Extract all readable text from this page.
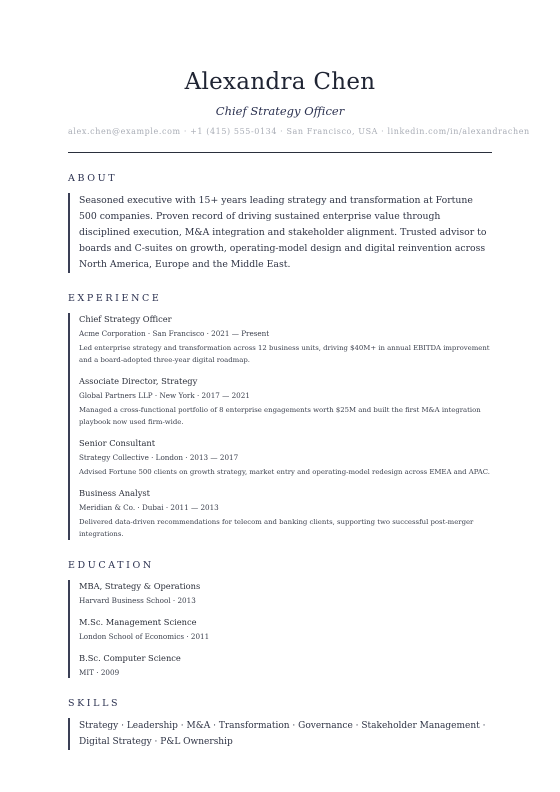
Alexandra Chen
Chief Strategy Officer
alex.chen@example.com · +1 (415) 555-0134 · San Francisco, USA · linkedin.com/in/alexandrachen
ABOUT
Seasoned executive with 15+ years leading strategy and transformation at Fortune 500 companies. Proven record of driving sustained enterprise value through disciplined execution, M&A integration and stakeholder alignment. Trusted advisor to boards and C-suites on growth, operating-model design and digital reinvention across North America, Europe and the Middle East.
EXPERIENCE
Chief Strategy Officer
Acme Corporation · San Francisco · 2021 — Present
Led enterprise strategy and transformation across 12 business units, driving $40M+ in annual EBITDA improvement and a board-adopted three-year digital roadmap.
Associate Director, Strategy
Global Partners LLP · New York · 2017 — 2021
Managed a cross-functional portfolio of 8 enterprise engagements worth $25M and built the first M&A integration playbook now used firm-wide.
Senior Consultant
Strategy Collective · London · 2013 — 2017
Advised Fortune 500 clients on growth strategy, market entry and operating-model redesign across EMEA and APAC.
Business Analyst
Meridian & Co. · Dubai · 2011 — 2013
Delivered data-driven recommendations for telecom and banking clients, supporting two successful post-merger integrations.
EDUCATION
MBA, Strategy & Operations
Harvard Business School · 2013
M.Sc. Management Science
London School of Economics · 2011
B.Sc. Computer Science
MIT · 2009
SKILLS
Strategy · Leadership · M&A · Transformation · Governance · Stakeholder Management · Digital Strategy · P&L Ownership
